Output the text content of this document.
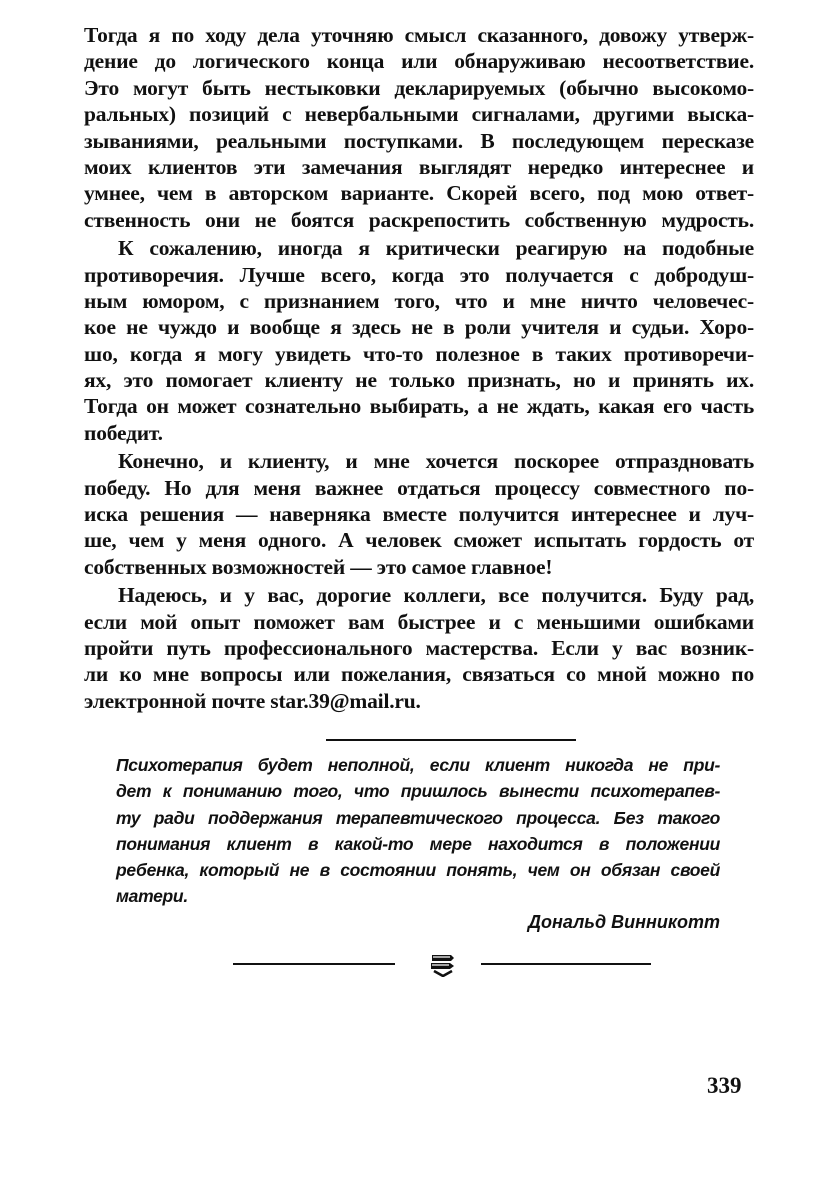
Тогда я по ходу дела уточняю смысл сказанного, довожу утверж-
дение до логического конца или обнаруживаю несоответствие.
Это могут быть нестыковки декларируемых (обычно высокомо-
ральных) позиций с невербальными сигналами, другими выска-
зываниями, реальными поступками. В последующем пересказе
моих клиентов эти замечания выглядят нередко интереснее и
умнее, чем в авторском варианте. Скорей всего, под мою ответ-
ственность они не боятся раскрепостить собственную мудрость.
К сожалению, иногда я критически реагирую на подобные
противоречия. Лучше всего, когда это получается с добродуш-
ным юмором, с признанием того, что и мне ничто человечес-
кое не чуждо и вообще я здесь не в роли учителя и судьи. Хоро-
шо, когда я могу увидеть что-то полезное в таких противоречи-
ях, это помогает клиенту не только признать, но и принять их.
Тогда он может сознательно выбирать, а не ждать, какая его часть
победит.
Конечно, и клиенту, и мне хочется поскорее отпраздновать
победу. Но для меня важнее отдаться процессу совместного по-
иска решения — наверняка вместе получится интереснее и луч-
ше, чем у меня одного. А человек сможет испытать гордость от
собственных возможностей — это самое главное!
Надеюсь, и у вас, дорогие коллеги, все получится. Буду рад,
если мой опыт поможет вам быстрее и с меньшими ошибками
пройти путь профессионального мастерства. Если у вас возник-
ли ко мне вопросы или пожелания, связаться со мной можно по
электронной почте star.39@mail.ru.
Психотерапия будет неполной, если клиент никогда не при-
дет к пониманию того, что пришлось вынести психотерапев-
ту ради поддержания терапевтического процесса. Без такого
понимания клиент в какой-то мере находится в положении
ребенка, который не в состоянии понять, чем он обязан своей
матери.
Дональд Винникотт
339
